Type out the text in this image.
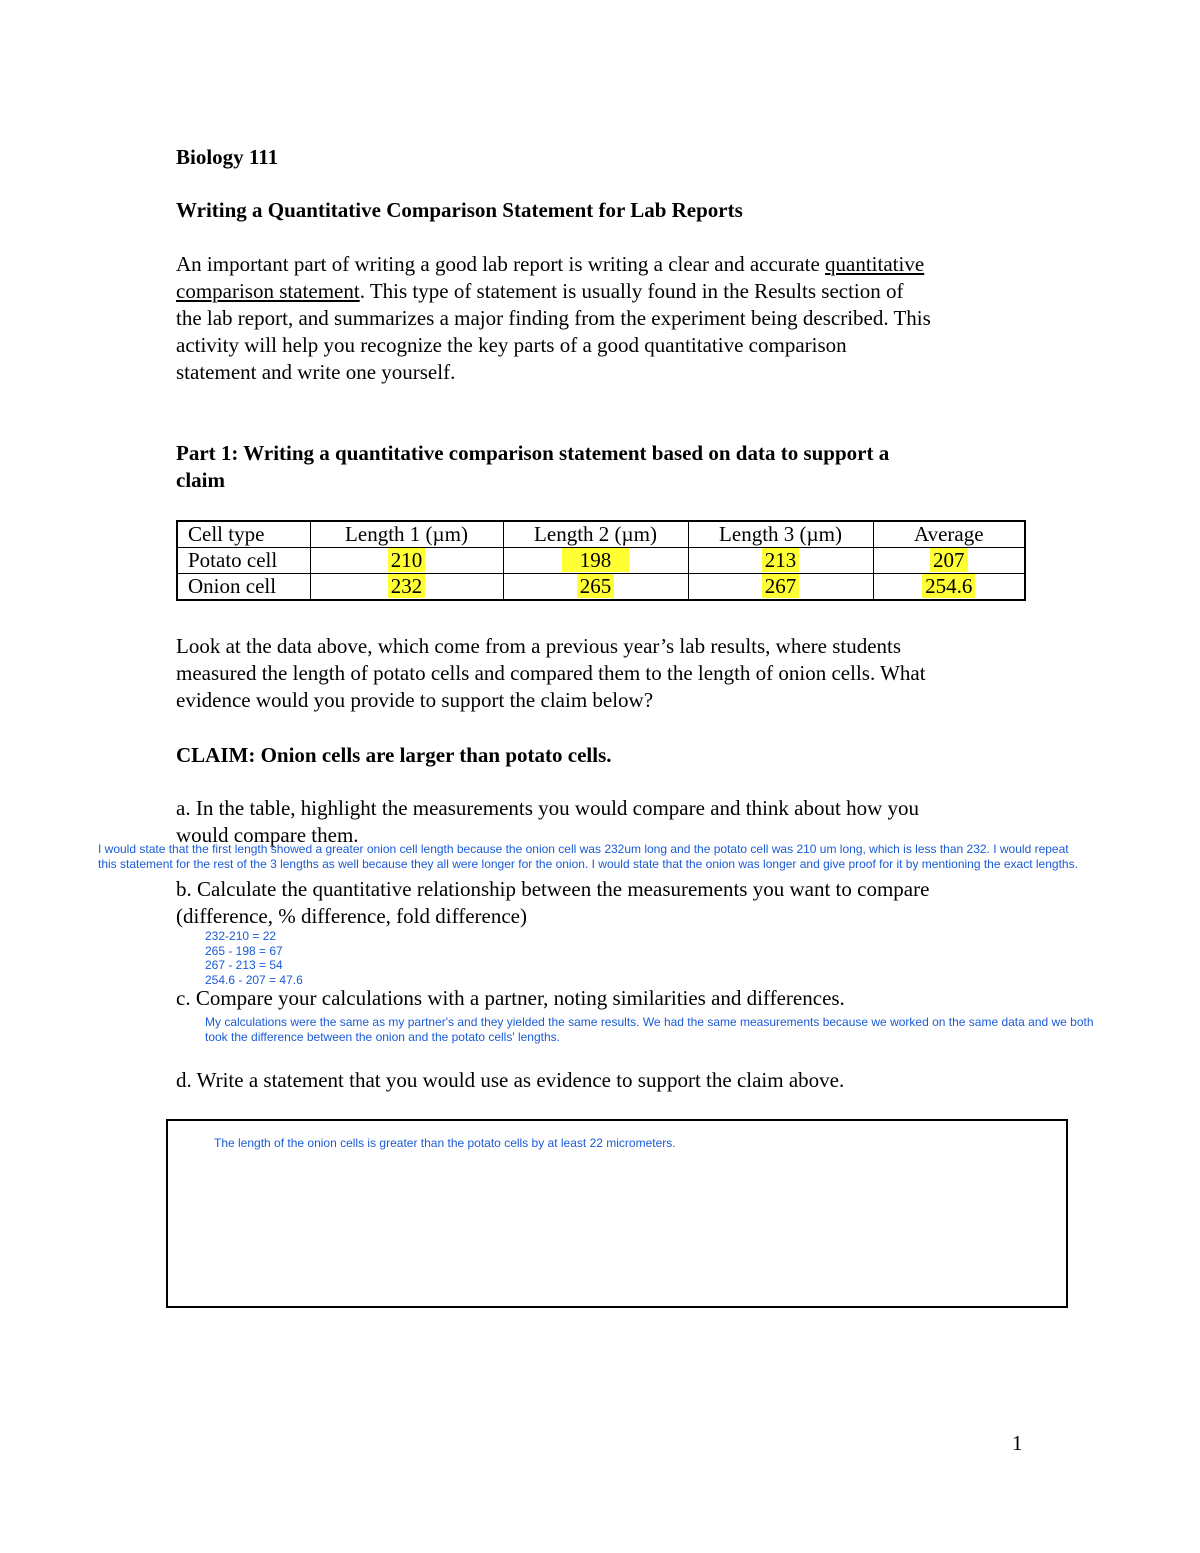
Biology 111
Writing a Quantitative Comparison Statement for Lab Reports
An important part of writing a good lab report is writing a clear and accurate quantitative
comparison statement. This type of statement is usually found in the Results section of
the lab report, and summarizes a major finding from the experiment being described. This
activity will help you recognize the key parts of a good quantitative comparison
statement and write one yourself.
Part 1: Writing a quantitative comparison statement based on data to support a
claim
Cell type	Length 1 (µm)	Length 2 (µm)	Length 3 (µm)	Average
Potato cell	210	198	213	207
Onion cell	232	265	267	254.6
Look at the data above, which come from a previous year’s lab results, where students
measured the length of potato cells and compared them to the length of onion cells. What
evidence would you provide to support the claim below?
CLAIM: Onion cells are larger than potato cells.
a. In the table, highlight the measurements you would compare and think about how you
would compare them.
I would state that the first length showed a greater onion cell length because the onion cell was 232um long and the potato cell was 210 um long, which is less than 232. I would repeat
this statement for the rest of the 3 lengths as well because they all were longer for the onion. I would state that the onion was longer and give proof for it by mentioning the exact lengths.
b. Calculate the quantitative relationship between the measurements you want to compare
(difference, % difference, fold difference)
232-210 = 22
265 - 198 = 67
267 - 213 = 54
254.6 - 207 = 47.6
c. Compare your calculations with a partner, noting similarities and differences.
My calculations were the same as my partner's and they yielded the same results. We had the same measurements because we worked on the same data and we both
took the difference between the onion and the potato cells' lengths.
d. Write a statement that you would use as evidence to support the claim above.
The length of the onion cells is greater than the potato cells by at least 22 micrometers.
1
